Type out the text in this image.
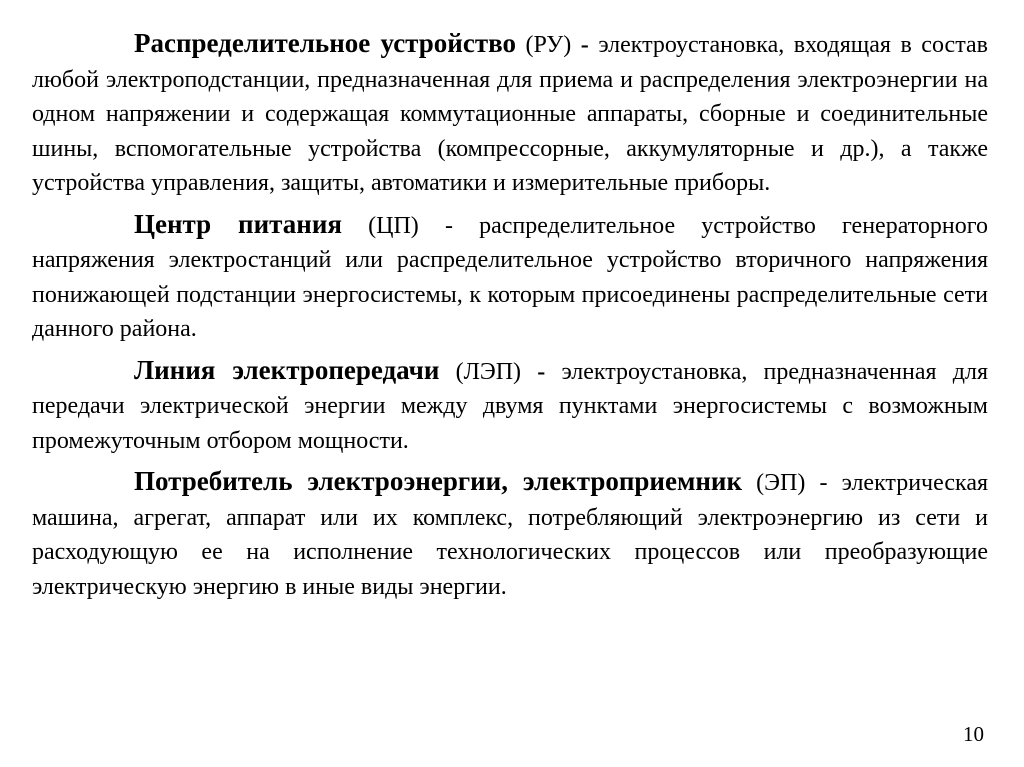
Распределительное устройство (РУ) - электроустановка, входящая в состав любой электроподстанции, предназначенная для приема и распределения электроэнергии на одном напряжении и содержащая коммутационные аппараты, сборные и соединительные шины, вспомогательные устройства (компрессорные, аккумуляторные и др.), а также устройства управления, защиты, автоматики и измерительные приборы.

Центр питания (ЦП) - распределительное устройство генераторного напряжения электростанций или распределительное устройство вторичного напряжения понижающей подстанции энергосистемы, к которым присоединены распределительные сети данного района.

Линия электропередачи (ЛЭП) - электроустановка, предназначенная для передачи электрической энергии между двумя пунктами энергосистемы с возможным промежуточным отбором мощности.

Потребитель электроэнергии, электроприемник (ЭП) - электрическая машина, агрегат, аппарат или их комплекс, потребляющий электроэнергию из сети и расходующую ее на исполнение технологических процессов или преобразующие электрическую энергию в иные виды энергии.

10
